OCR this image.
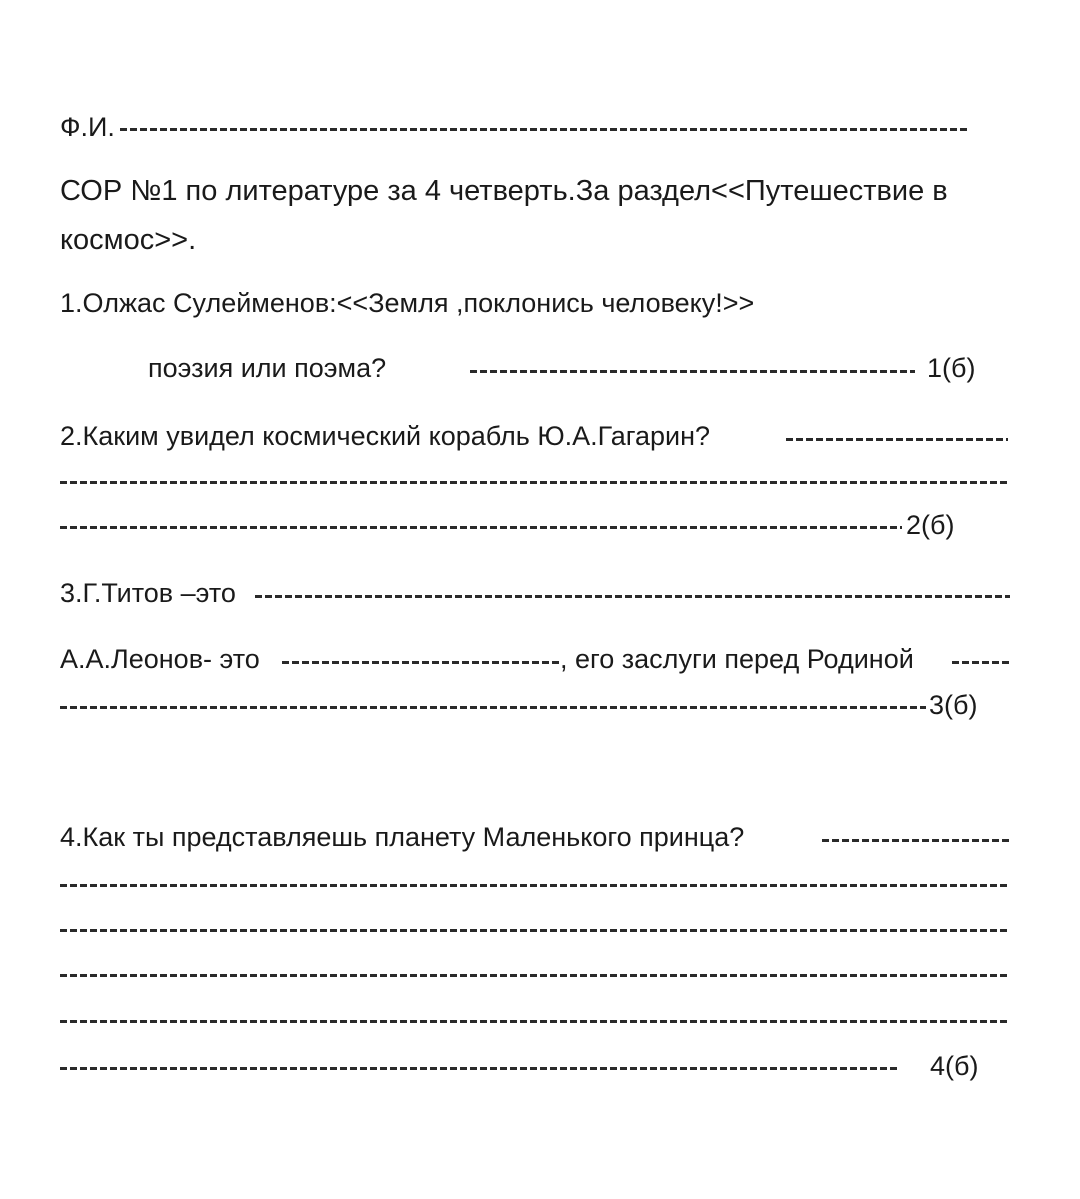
Ф.И.
СОР №1 по литературе за 4 четверть.За раздел<<Путешествие в
космос>>.
1.Олжас Сулейменов:<<Земля ,поклонись человеку!>>
поэзия или поэма?	1(б)
2.Каким увидел космический корабль Ю.А.Гагарин?
2(б)
3.Г.Титов –это
А.А.Леонов- это	, его заслуги перед Родиной
3(б)
4.Как ты представляешь планету Маленького принца?
4(б)
